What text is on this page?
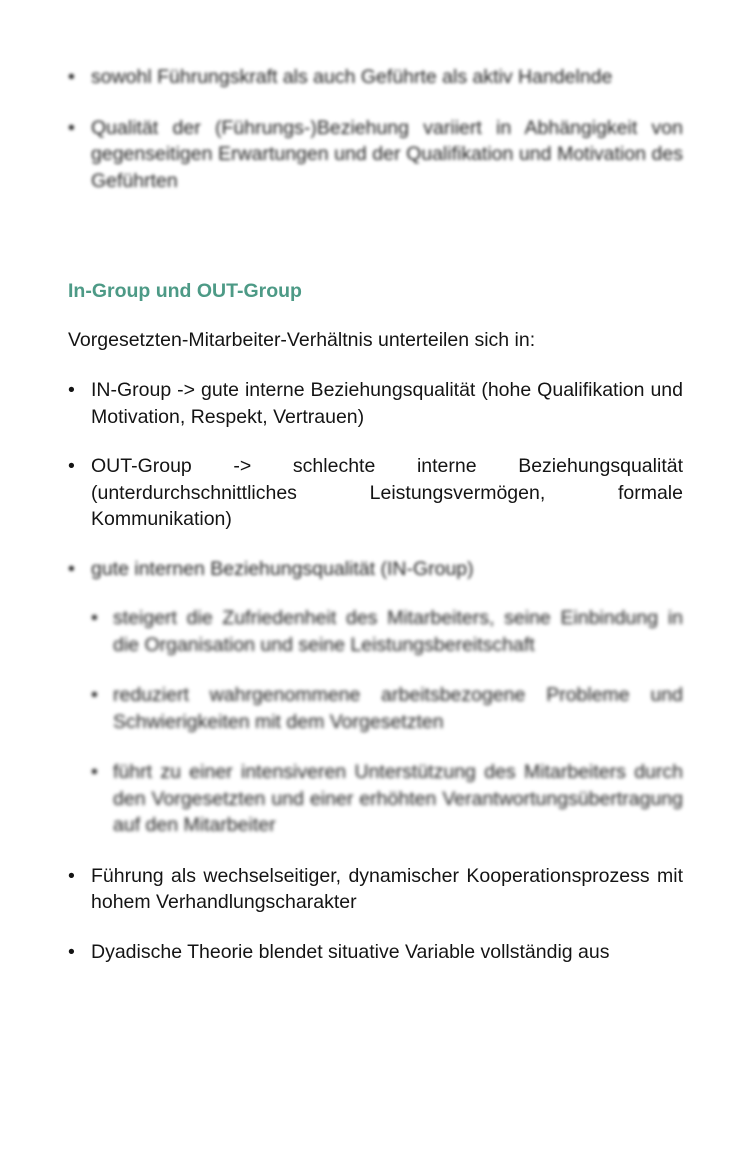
• sowohl Führungskraft als auch Geführte als aktiv Handelnde
• Qualität der (Führungs-)Beziehung variiert in Abhängigkeit von gegenseitigen Erwartungen und der Qualifikation und Motivation des Geführten
In-Group und OUT-Group

Vorgesetzten-Mitarbeiter-Verhältnis unterteilen sich in:

• IN-Group -> gute interne Beziehungsqualität (hohe Qualifikation und Motivation, Respekt, Vertrauen)
• OUT-Group -> schlechte interne Beziehungsqualität (unterdurchschnittliches Leistungsvermögen, formale Kommunikation)
• gute internen Beziehungsqualität (IN-Group)
• steigert die Zufriedenheit des Mitarbeiters, seine Einbindung in die Organisation und seine Leistungsbereitschaft
• reduziert wahrgenommene arbeitsbezogene Probleme und Schwierigkeiten mit dem Vorgesetzten
• führt zu einer intensiveren Unterstützung des Mitarbeiters durch den Vorgesetzten und einer erhöhten Verantwortungsübertragung auf den Mitarbeiter
• Führung als wechselseitiger, dynamischer Kooperationsprozess mit hohem Verhandlungscharakter
• Dyadische Theorie blendet situative Variable vollständig aus
